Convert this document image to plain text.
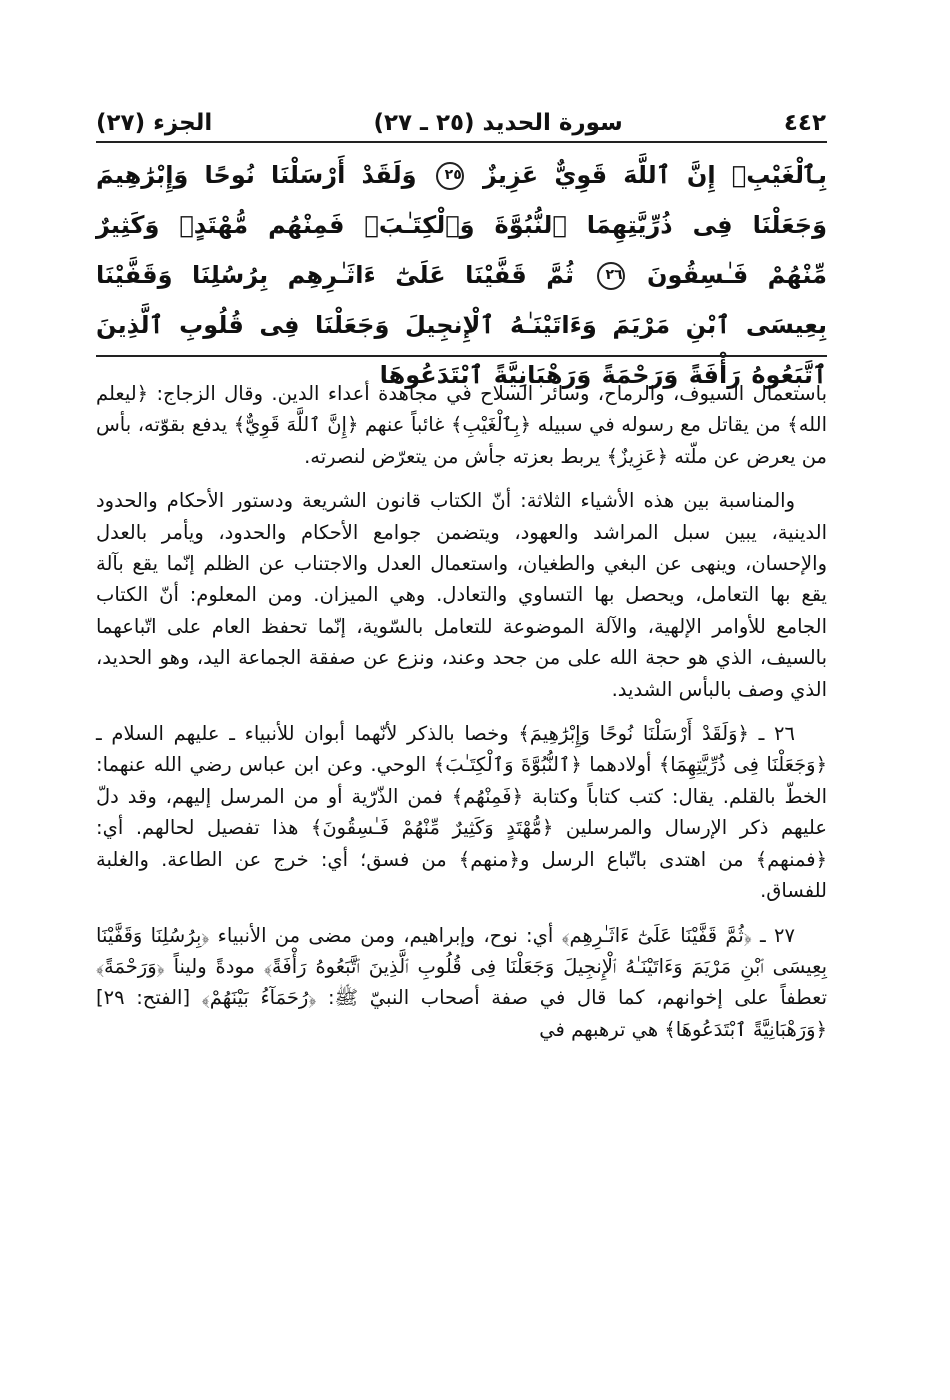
٤٤٢
سورة الحديد (٢٥ ـ ٢٧)
الجزء (٢٧)
بِٱلْغَيْبِۚ إِنَّ ٱللَّهَ قَوِيٌّ عَزِيزٌ ٢٥ وَلَقَدْ أَرْسَلْنَا نُوحًا وَإِبْرَٰهِيمَ وَجَعَلْنَا فِى ذُرِّيَّتِهِمَا ٱلنُّبُوَّةَ وَٱلْكِتَـٰبَۖ فَمِنْهُم مُّهْتَدٍۖ وَكَثِيرٌ مِّنْهُمْ فَـٰسِقُونَ ٢٦ ثُمَّ قَفَّيْنَا عَلَىٰٓ ءَاثَـٰرِهِم بِرُسُلِنَا وَقَفَّيْنَا بِعِيسَى ٱبْنِ مَرْيَمَ وَءَاتَيْنَـٰهُ ٱلْإِنجِيلَ وَجَعَلْنَا فِى قُلُوبِ ٱلَّذِينَ ٱتَّبَعُوهُ رَأْفَةً وَرَحْمَةً وَرَهْبَانِيَّةً ٱبْتَدَعُوهَا

باستعمال السيوف، والرماح، وسائر السلاح في مجاهدة أعداء الدين. وقال الزجاج: ﴿ليعلم الله﴾ من يقاتل مع رسوله في سبيله ﴿بِٱلْغَيْبِ﴾ غائباً عنهم ﴿إِنَّ ٱللَّهَ قَوِيٌّ﴾ يدفع بقوّته، بأس من يعرض عن ملّته ﴿عَزِيزٌ﴾ يربط بعزته جأش من يتعرّض لنصرته.

والمناسبة بين هذه الأشياء الثلاثة: أنّ الكتاب قانون الشريعة ودستور الأحكام والحدود الدينية، يبين سبل المراشد والعهود، ويتضمن جوامع الأحكام والحدود، ويأمر بالعدل والإحسان، وينهى عن البغي والطغيان، واستعمال العدل والاجتناب عن الظلم إنّما يقع بآلة يقع بها التعامل، ويحصل بها التساوي والتعادل. وهي الميزان. ومن المعلوم: أنّ الكتاب الجامع للأوامر الإلهية، والآلة الموضوعة للتعامل بالسّوية، إنّما تحفظ العام على اتّباعهما بالسيف، الذي هو حجة الله على من جحد وعند، ونزع عن صفقة الجماعة اليد، وهو الحديد، الذي وصف بالبأس الشديد.

٢٦ ـ ﴿وَلَقَدْ أَرْسَلْنَا نُوحًا وَإِبْرَٰهِيمَ﴾ وخصا بالذكر لأنّهما أبوان للأنبياء ـ عليهم السلام ـ ﴿وَجَعَلْنَا فِى ذُرِّيَّتِهِمَا﴾ أولادهما ﴿ٱلنُّبُوَّةَ وَٱلْكِتَـٰبَ﴾ الوحي. وعن ابن عباس رضي الله عنهما: الخطّ بالقلم. يقال: كتب كتاباً وكتابة ﴿فَمِنْهُم﴾ فمن الذّرّية أو من المرسل إليهم، وقد دلّ عليهم ذكر الإرسال والمرسلين ﴿مُّهْتَدٍ وَكَثِيرٌ مِّنْهُمْ فَـٰسِقُونَ﴾ هذا تفصيل لحالهم. أي: ﴿فمنهم﴾ من اهتدى باتّباع الرسل و﴿منهم﴾ من فسق؛ أي: خرج عن الطاعة. والغلبة للفساق.

٢٧ ـ ﴿ثُمَّ قَفَّيْنَا عَلَىٰٓ ءَاثَـٰرِهِم﴾ أي: نوح، وإبراهيم، ومن مضى من الأنبياء ﴿بِرُسُلِنَا وَقَفَّيْنَا بِعِيسَى ٱبْنِ مَرْيَمَ وَءَاتَيْنَـٰهُ ٱلْإِنجِيلَ وَجَعَلْنَا فِى قُلُوبِ ٱلَّذِينَ ٱتَّبَعُوهُ رَأْفَةً﴾ مودةً وليناً ﴿وَرَحْمَةً﴾ تعطفاً على إخوانهم، كما قال في صفة أصحاب النبيّ ﷺ: ﴿رُحَمَآءُ بَيْنَهُمْ﴾ [الفتح: ٢٩] ﴿وَرَهْبَانِيَّةً ٱبْتَدَعُوهَا﴾ هي ترهبهم في
